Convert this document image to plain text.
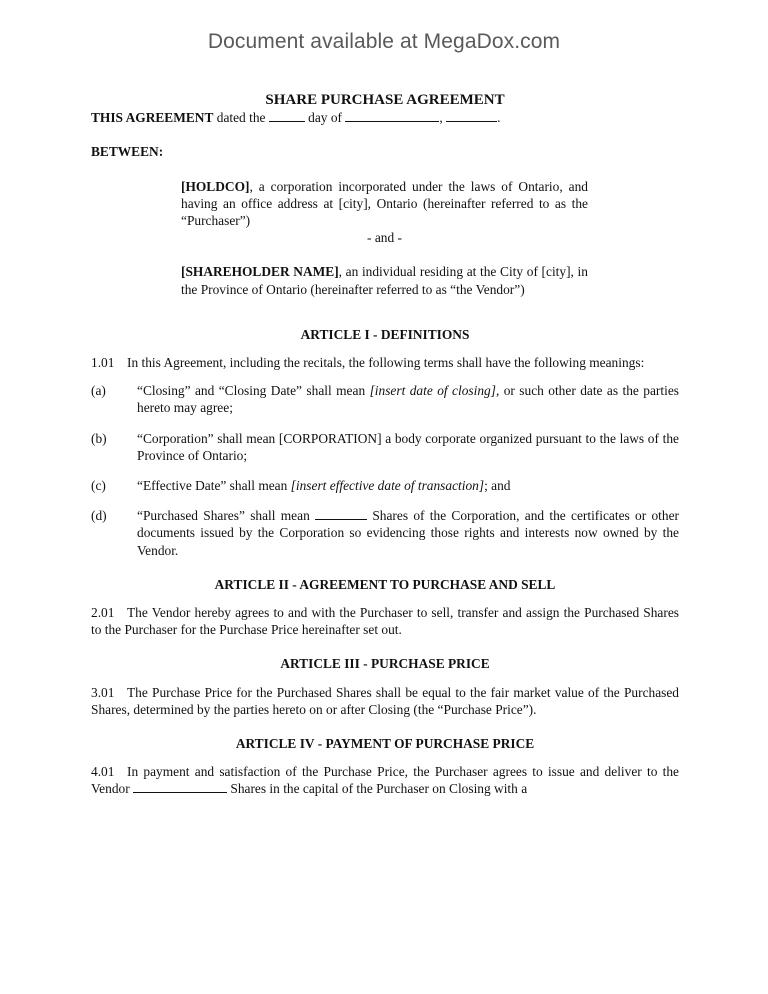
Document available at MegaDox.com

SHARE PURCHASE AGREEMENT

THIS AGREEMENT dated the	day of	,	.

BETWEEN:

[HOLDCO], a corporation incorporated under the laws of Ontario, and having an office address at [city], Ontario (hereinafter referred to as the “Purchaser”)

- and -

[SHAREHOLDER NAME], an individual residing at the City of [city], in the Province of Ontario (hereinafter referred to as “the Vendor”)

ARTICLE I - DEFINITIONS

1.01 In this Agreement, including the recitals, the following terms shall have the following meanings:

(a)	“Closing” and “Closing Date” shall mean [insert date of closing], or such other date as the parties hereto may agree;
(b)	“Corporation” shall mean [CORPORATION] a body corporate organized pursuant to the laws of the Province of Ontario;
(c)	“Effective Date” shall mean [insert effective date of transaction]; and
(d)	“Purchased Shares” shall mean	Shares of the Corporation, and the certificates or other documents issued by the Corporation so evidencing those rights and interests now owned by the Vendor.

ARTICLE II - AGREEMENT TO PURCHASE AND SELL

2.01 The Vendor hereby agrees to and with the Purchaser to sell, transfer and assign the Purchased Shares to the Purchaser for the Purchase Price hereinafter set out.

ARTICLE III - PURCHASE PRICE

3.01 The Purchase Price for the Purchased Shares shall be equal to the fair market value of the Purchased Shares, determined by the parties hereto on or after Closing (the “Purchase Price”).

ARTICLE IV - PAYMENT OF PURCHASE PRICE

4.01 In payment and satisfaction of the Purchase Price, the Purchaser agrees to issue and deliver to the Vendor	Shares in the capital of the Purchaser on Closing with a
